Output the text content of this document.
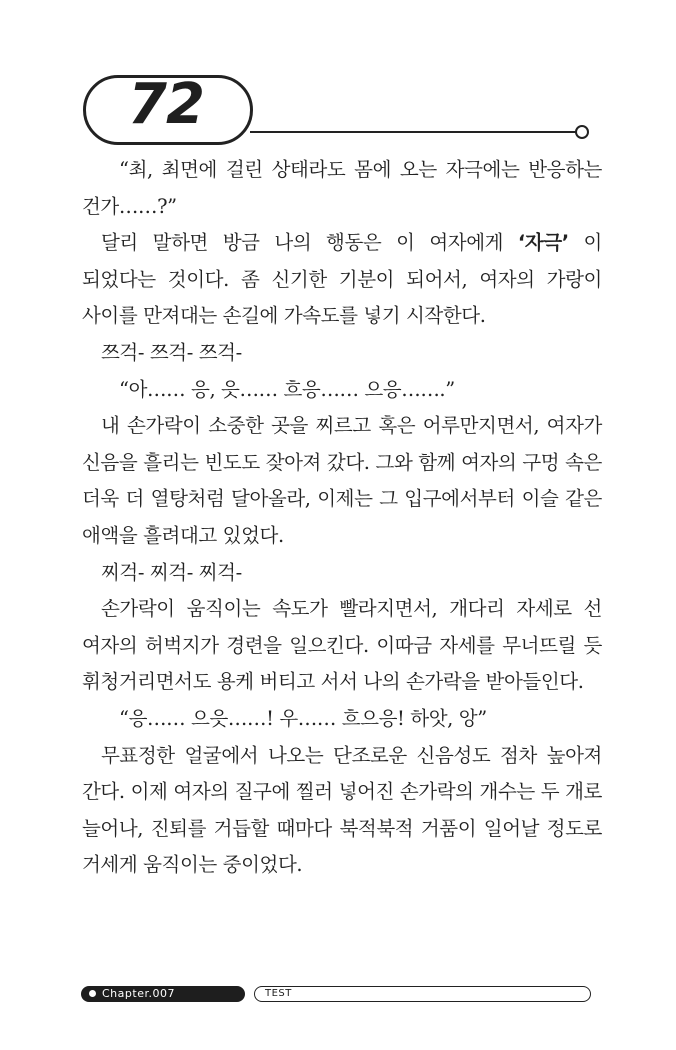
72

“최, 최면에 걸린 상태라도 몸에 오는 자극에는 반응하는 건가……?”

달리 말하면 방금 나의 행동은 이 여자에게 ‘자극’ 이 되었다는 것이다. 좀 신기한 기분이 되어서, 여자의 가랑이 사이를 만져대는 손길에 가속도를 넣기 시작한다.

쯔걱- 쯔걱- 쯔걱-

“아…… 응, 읏…… 흐응…… 으응…….”

내 손가락이 소중한 곳을 찌르고 혹은 어루만지면서, 여자가 신음을 흘리는 빈도도 잦아져 갔다. 그와 함께 여자의 구멍 속은 더욱 더 열탕처럼 달아올라, 이제는 그 입구에서부터 이슬 같은 애액을 흘려대고 있었다.

찌걱- 찌걱- 찌걱-

손가락이 움직이는 속도가 빨라지면서, 개다리 자세로 선 여자의 허벅지가 경련을 일으킨다. 이따금 자세를 무너뜨릴 듯 휘청거리면서도 용케 버티고 서서 나의 손가락을 받아들인다.

“응…… 으읏……! 우…… 흐으응! 하앗, 앙”

무표정한 얼굴에서 나오는 단조로운 신음성도 점차 높아져 간다. 이제 여자의 질구에 찔러 넣어진 손가락의 개수는 두 개로 늘어나, 진퇴를 거듭할 때마다 북적북적 거품이 일어날 정도로 거세게 움직이는 중이었다.

Chapter.007	TEST
